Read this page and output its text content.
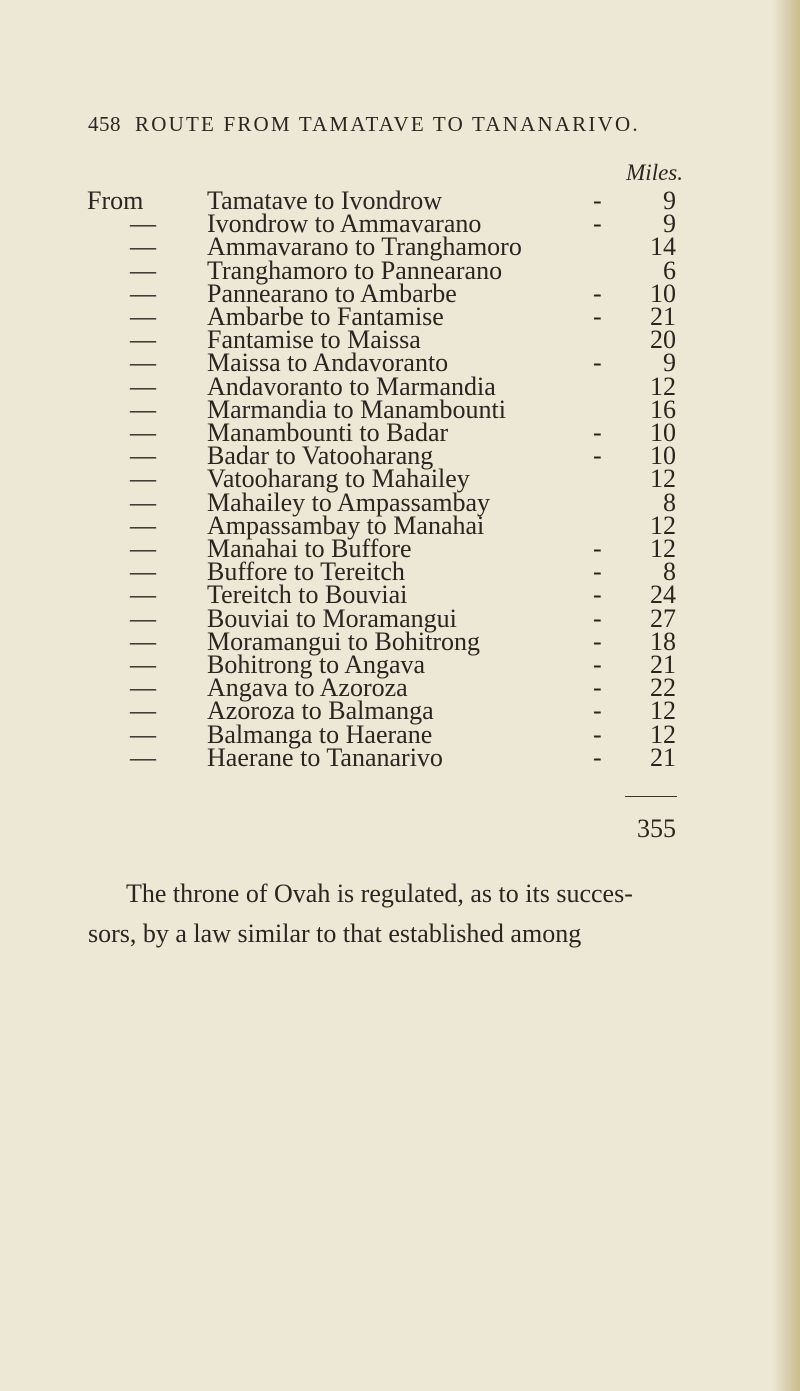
458 ROUTE FROM TAMATAVE TO TANANARIVO.
Miles.
From Tamatave to Ivondrow	- 9
— Ivondrow to Ammavarano	- 9
— Ammavarano to Tranghamoro	14
— Tranghamoro to Pannearano	6
— Pannearano to Ambarbe	- 10
— Ambarbe to Fantamise	- 21
— Fantamise to Maissa	20
— Maissa to Andavoranto	- 9
— Andavoranto to Marmandia	12
— Marmandia to Manambounti	16
— Manambounti to Badar	- 10
— Badar to Vatooharang	- 10
— Vatooharang to Mahailey	12
— Mahailey to Ampassambay	8
— Ampassambay to Manahai	12
— Manahai to Buffore	- 12
— Buffore to Tereitch	- 8
— Tereitch to Bouviai	- 24
— Bouviai to Moramangui	- 27
— Moramangui to Bohitrong	- 18
— Bohitrong to Angava	- 21
— Angava to Azoroza	- 22
— Azoroza to Balmanga	- 12
— Balmanga to Haerane	- 12
— Haerane to Tananarivo	- 21
355
The throne of Ovah is regulated, as to its succes-
sors, by a law similar to that established among
